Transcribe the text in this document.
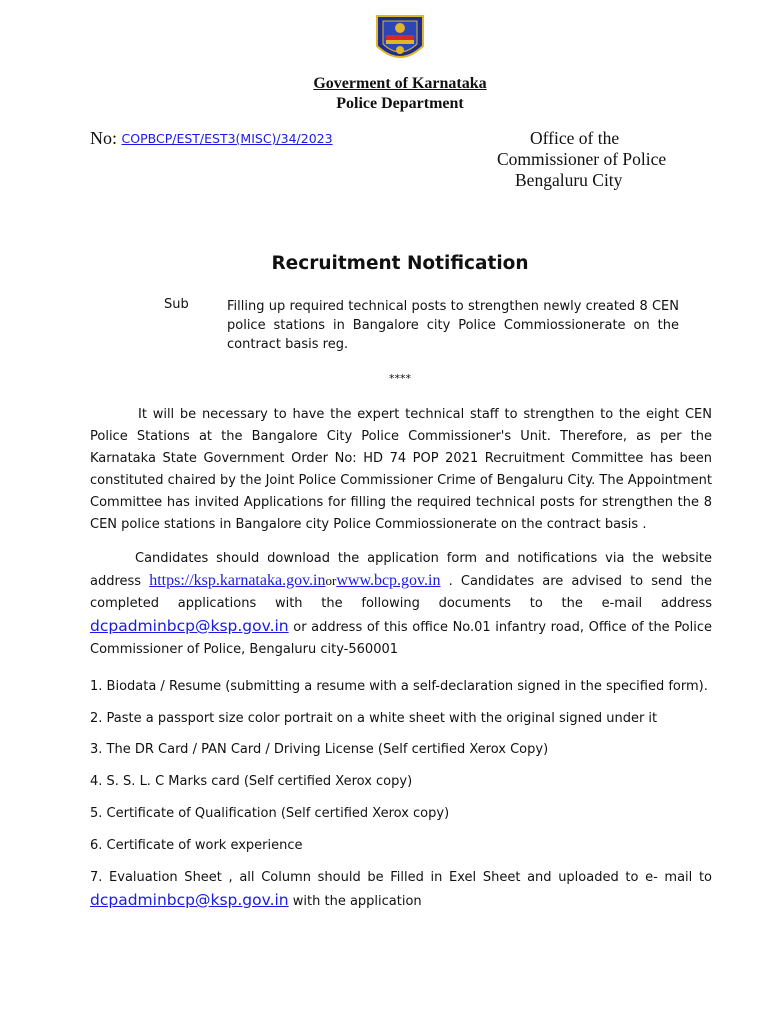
Goverment of Karnataka
Police Department
No: COPBCP/EST/EST3(MISC)/34/2023	Office of the
Commissioner of Police
Bengaluru City
Recruitment Notification
Sub	Filling up required technical posts to strengthen newly created 8 CEN police stations in Bangalore city Police Commiossionerate on the contract basis reg.
****

It will be necessary to have the expert technical staff to strengthen to the eight CEN Police Stations at the Bangalore City Police Commissioner's Unit. Therefore, as per the Karnataka State Government Order No: HD 74 POP 2021 Recruitment Committee has been constituted chaired by the Joint Police Commissioner Crime of Bengaluru City. The Appointment Committee has invited Applications for filling the required technical posts for strengthen the 8 CEN police stations in Bangalore city Police Commiossionerate on the contract basis .

Candidates should download the application form and notifications via the website address https://ksp.karnataka.gov.inorwww.bcp.gov.in . Candidates are advised to send the completed applications with the following documents to the e-mail address dcpadminbcp@ksp.gov.in or address of this office No.01 infantry road, Office of the Police Commissioner of Police, Bengaluru city-560001

1. Biodata / Resume (submitting a resume with a self-declaration signed in the specified form).
2. Paste a passport size color portrait on a white sheet with the original signed under it
3. The DR Card / PAN Card / Driving License (Self certified Xerox Copy)
4. S. S. L. C Marks card (Self certified Xerox copy)
5. Certificate of Qualification (Self certified Xerox copy)
6. Certificate of work experience
7. Evaluation Sheet , all Column should be Filled in Exel Sheet and uploaded to e- mail to dcpadminbcp@ksp.gov.in with the application
